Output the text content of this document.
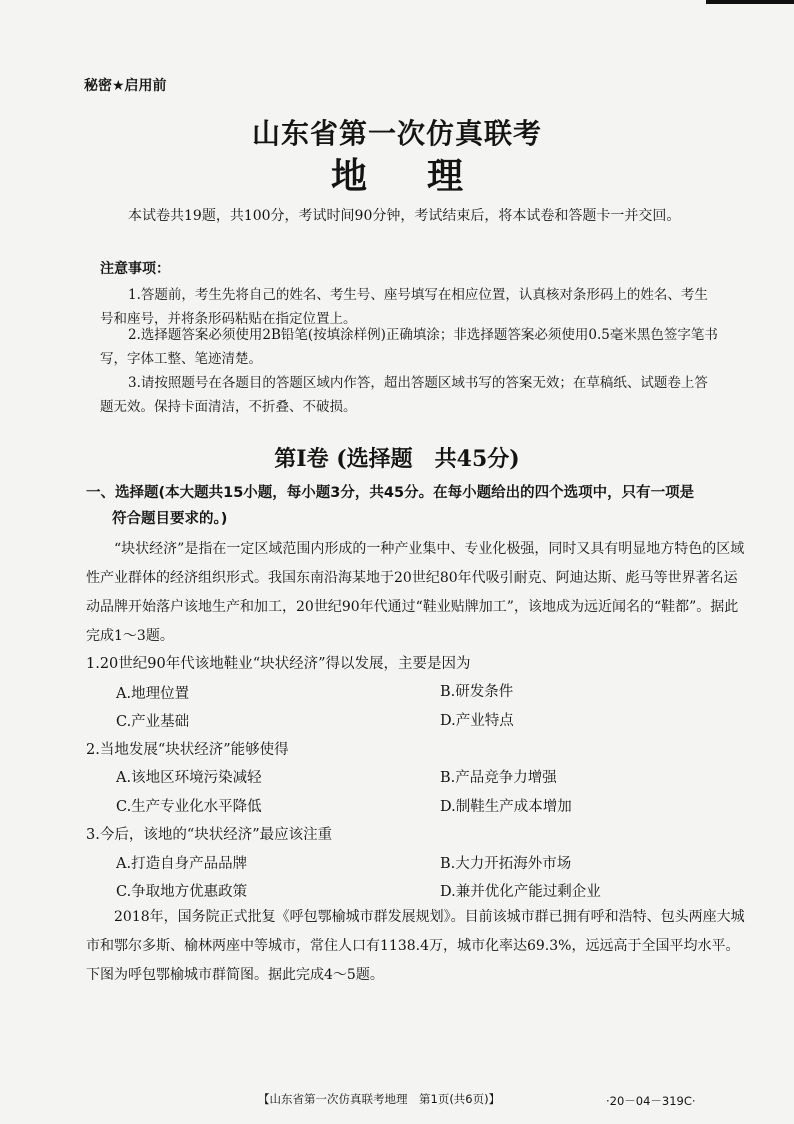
秘密★启用前
山东省第一次仿真联考
地理
本试卷共19题，共100分，考试时间90分钟，考试结束后，将本试卷和答题卡一并交回。
注意事项：
1.答题前，考生先将自己的姓名、考生号、座号填写在相应位置，认真核对条形码上的姓名、考生号和座号，并将条形码粘贴在指定位置上。
2.选择题答案必须使用2B铅笔(按填涂样例)正确填涂；非选择题答案必须使用0.5毫米黑色签字笔书写，字体工整、笔迹清楚。
3.请按照题号在各题目的答题区域内作答，超出答题区域书写的答案无效；在草稿纸、试题卷上答题无效。保持卡面清洁，不折叠、不破损。
第Ⅰ卷 (选择题　共45分)
一、选择题(本大题共15小题，每小题3分，共45分。在每小题给出的四个选项中，只有一项是
符合题目要求的。)
“块状经济”是指在一定区域范围内形成的一种产业集中、专业化极强，同时又具有明显地方特色的区域性产业群体的经济组织形式。我国东南沿海某地于20世纪80年代吸引耐克、阿迪达斯、彪马等世界著名运动品牌开始落户该地生产和加工，20世纪90年代通过“鞋业贴牌加工”，该地成为远近闻名的“鞋都”。据此完成1～3题。
1.20世纪90年代该地鞋业“块状经济”得以发展，主要是因为
A.地理位置	B.研发条件
C.产业基础	D.产业特点
2.当地发展“块状经济”能够使得
A.该地区环境污染减轻	B.产品竞争力增强
C.生产专业化水平降低	D.制鞋生产成本增加
3.今后，该地的“块状经济”最应该注重
A.打造自身产品品牌	B.大力开拓海外市场
C.争取地方优惠政策	D.兼并优化产能过剩企业
2018年，国务院正式批复《呼包鄂榆城市群发展规划》。目前该城市群已拥有呼和浩特、包头两座大城市和鄂尔多斯、榆林两座中等城市，常住人口有1138.4万，城市化率达69.3%，远远高于全国平均水平。下图为呼包鄂榆城市群简图。据此完成4～5题。
【山东省第一次仿真联考地理　第1页(共6页)】	·20－04－319C·
